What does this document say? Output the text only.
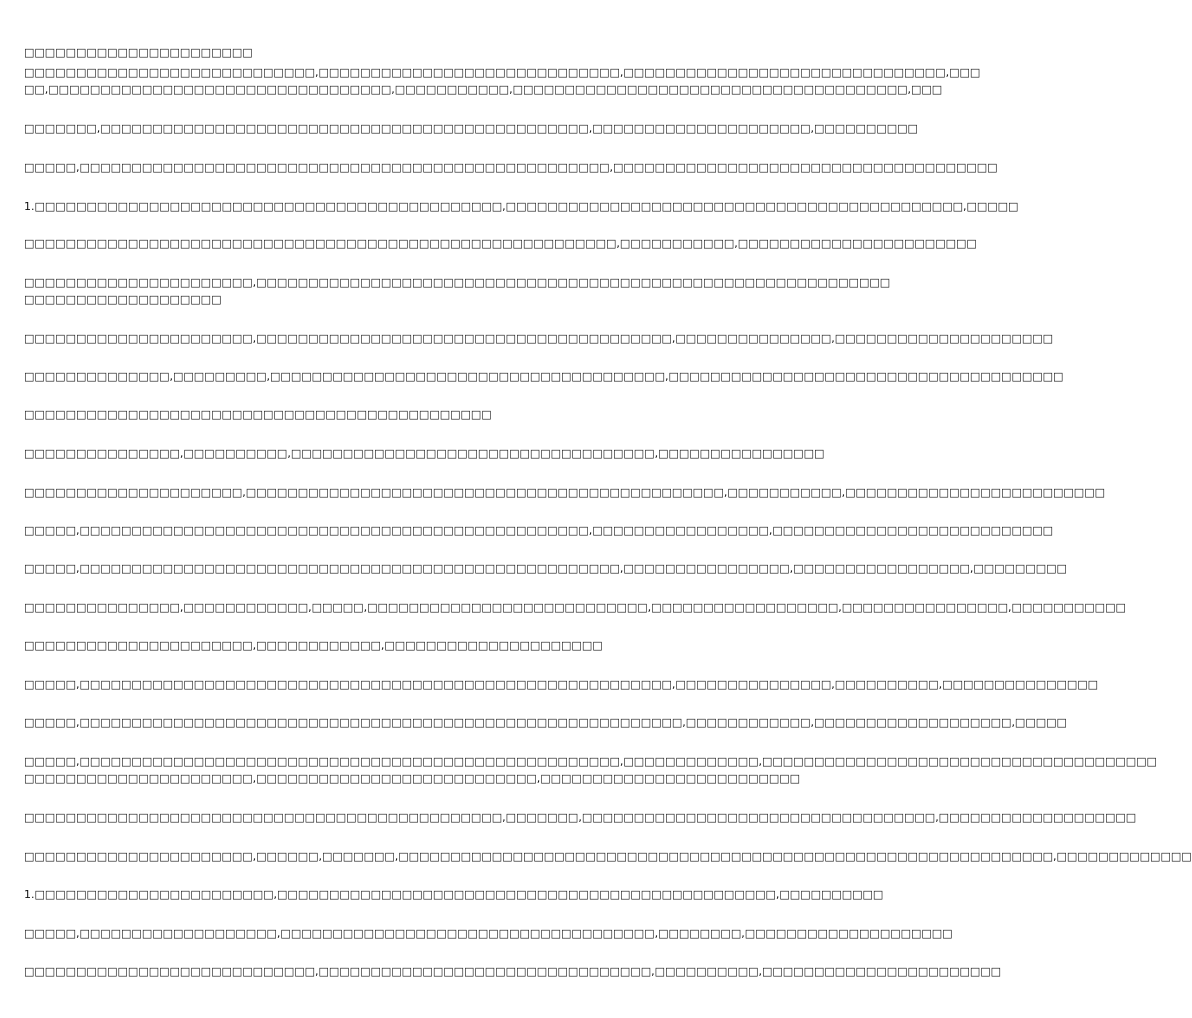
□□□□□□□□□□□□□□□□□□□□□□
□□□□□□□□□□□□□□□□□□□□□□□□□□□□,□□□□□□□□□□□□□□□□□□□□□□□□□□□□□,□□□□□□□□□□□□□□□□□□□□□□□□□□□□□□□,□□□
□□,□□□□□□□□□□□□□□□□□□□□□□□□□□□□□□□□□,□□□□□□□□□□□,□□□□□□□□□□□□□□□□□□□□□□□□□□□□□□□□□□□□□□,□□□
□□□□□□□,□□□□□□□□□□□□□□□□□□□□□□□□□□□□□□□□□□□□□□□□□□□□□□□,□□□□□□□□□□□□□□□□□□□□□,□□□□□□□□□□
□□□□□,□□□□□□□□□□□□□□□□□□□□□□□□□□□□□□□□□□□□□□□□□□□□□□□□□□□,□□□□□□□□□□□□□□□□□□□□□□□□□□□□□□□□□□□□□
1.□□□□□□□□□□□□□□□□□□□□□□□□□□□□□□□□□□□□□□□□□□□□□,□□□□□□□□□□□□□□□□□□□□□□□□□□□□□□□□□□□□□□□□□□□□,□□□□□
□□□□□□□□□□□□□□□□□□□□□□□□□□□□□□□□□□□□□□□□□□□□□□□□□□□□□□□□□,□□□□□□□□□□□,□□□□□□□□□□□□□□□□□□□□□□□
□□□□□□□□□□□□□□□□□□□□□□,□□□□□□□□□□□□□□□□□□□□□□□□□□□□□□□□□□□□□□□□□□□□□□□□□□□□□□□□□□□□□
□□□□□□□□□□□□□□□□□□□
□□□□□□□□□□□□□□□□□□□□□□,□□□□□□□□□□□□□□□□□□□□□□□□□□□□□□□□□□□□□□□□,□□□□□□□□□□□□□□□,□□□□□□□□□□□□□□□□□□□□□
□□□□□□□□□□□□□□,□□□□□□□□□,□□□□□□□□□□□□□□□□□□□□□□□□□□□□□□□□□□□□□□,□□□□□□□□□□□□□□□□□□□□□□□□□□□□□□□□□□□□□□
□□□□□□□□□□□□□□□□□□□□□□□□□□□□□□□□□□□□□□□□□□□□□
□□□□□□□□□□□□□□□,□□□□□□□□□□,□□□□□□□□□□□□□□□□□□□□□□□□□□□□□□□□□□□,□□□□□□□□□□□□□□□□
□□□□□□□□□□□□□□□□□□□□□,□□□□□□□□□□□□□□□□□□□□□□□□□□□□□□□□□□□□□□□□□□□□□□,□□□□□□□□□□□,□□□□□□□□□□□□□□□□□□□□□□□□□
□□□□□,□□□□□□□□□□□□□□□□□□□□□□□□□□□□□□□□□□□□□□□□□□□□□□□□□,□□□□□□□□□□□□□□□□□,□□□□□□□□□□□□□□□□□□□□□□□□□□□
□□□□□,□□□□□□□□□□□□□□□□□□□□□□□□□□□□□□□□□□□□□□□□□□□□□□□□□□□□,□□□□□□□□□□□□□□□□,□□□□□□□□□□□□□□□□□,□□□□□□□□□
□□□□□□□□□□□□□□□,□□□□□□□□□□□□,□□□□□,□□□□□□□□□□□□□□□□□□□□□□□□□□□,□□□□□□□□□□□□□□□□□□,□□□□□□□□□□□□□□□□,□□□□□□□□□□□
□□□□□□□□□□□□□□□□□□□□□□,□□□□□□□□□□□□,□□□□□□□□□□□□□□□□□□□□□
□□□□□,□□□□□□□□□□□□□□□□□□□□□□□□□□□□□□□□□□□□□□□□□□□□□□□□□□□□□□□□□,□□□□□□□□□□□□□□□,□□□□□□□□□□,□□□□□□□□□□□□□□□
□□□□□,□□□□□□□□□□□□□□□□□□□□□□□□□□□□□□□□□□□□□□□□□□□□□□□□□□□□□□□□□□,□□□□□□□□□□□□,□□□□□□□□□□□□□□□□□□□,□□□□□
□□□□□,□□□□□□□□□□□□□□□□□□□□□□□□□□□□□□□□□□□□□□□□□□□□□□□□□□□□,□□□□□□□□□□□□□,□□□□□□□□□□□□□□□□□□□□□□□□□□□□□□□□□□□□□□
□□□□□□□□□□□□□□□□□□□□□□,□□□□□□□□□□□□□□□□□□□□□□□□□□□,□□□□□□□□□□□□□□□□□□□□□□□□□
□□□□□□□□□□□□□□□□□□□□□□□□□□□□□□□□□□□□□□□□□□□□□□,□□□□□□□,□□□□□□□□□□□□□□□□□□□□□□□□□□□□□□□□□□,□□□□□□□□□□□□□□□□□□□
□□□□□□□□□□□□□□□□□□□□□□,□□□□□□,□□□□□□□,□□□□□□□□□□□□□□□□□□□□□□□□□□□□□□□□□□□□□□□□□□□□□□□□□□□□□□□□□□□□□□□,□□□□□□□□□□□□□
1.□□□□□□□□□□□□□□□□□□□□□□□,□□□□□□□□□□□□□□□□□□□□□□□□□□□□□□□□□□□□□□□□□□□□□□□□,□□□□□□□□□□
□□□□□,□□□□□□□□□□□□□□□□□□□,□□□□□□□□□□□□□□□□□□□□□□□□□□□□□□□□□□□□,□□□□□□□□,□□□□□□□□□□□□□□□□□□□□
□□□□□□□□□□□□□□□□□□□□□□□□□□□□,□□□□□□□□□□□□□□□□□□□□□□□□□□□□□□□□,□□□□□□□□□□,□□□□□□□□□□□□□□□□□□□□□□□
